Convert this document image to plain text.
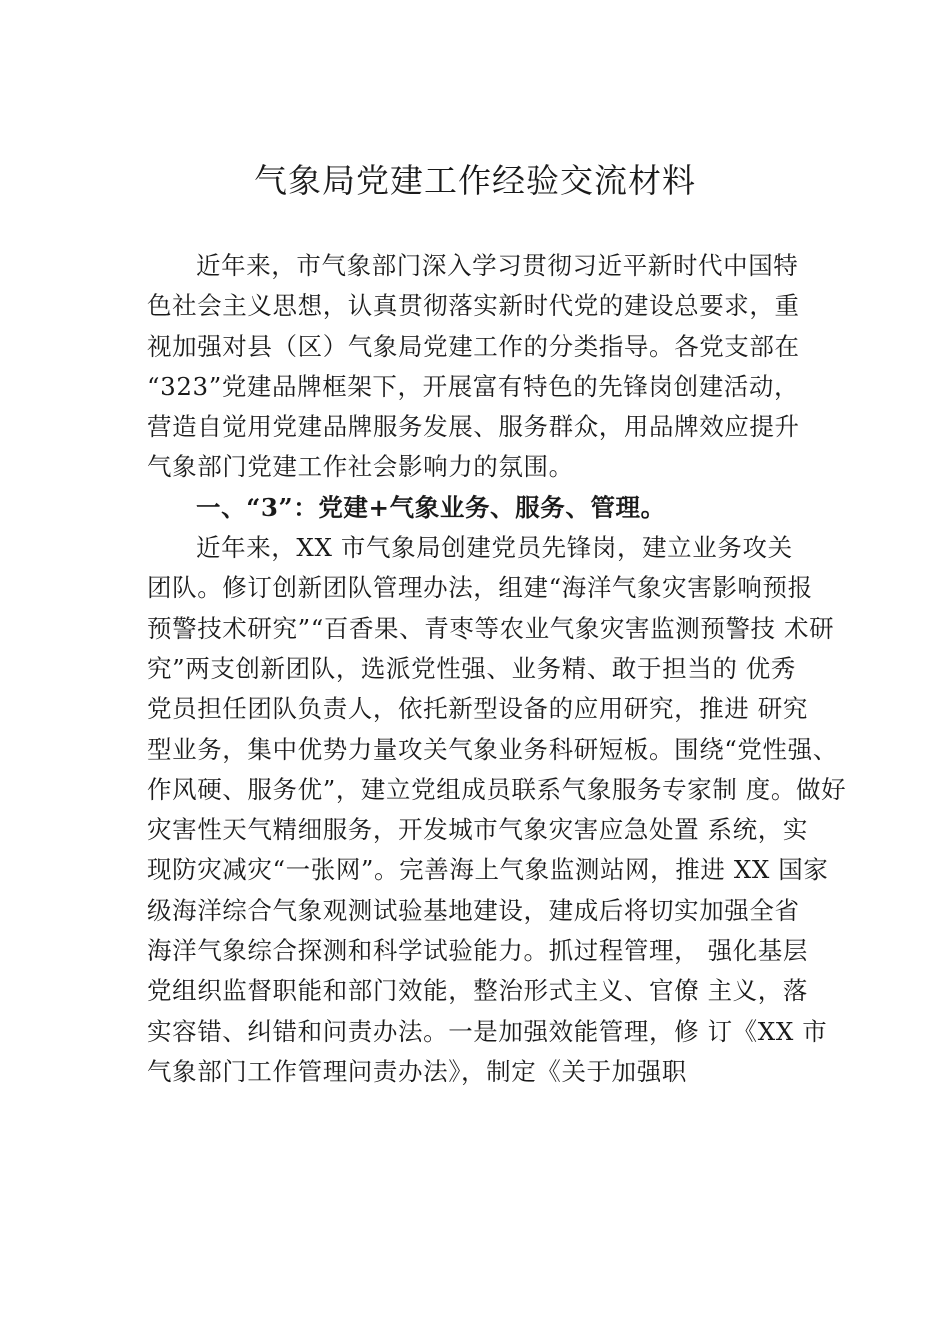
气象局党建工作经验交流材料
近年来，市气象部门深入学习贯彻习近平新时代中国特
色社会主义思想，认真贯彻落实新时代党的建设总要求，重
视加强对县（区）气象局党建工作的分类指导。各党支部在
“323”党建品牌框架下，开展富有特色的先锋岗创建活动，
营造自觉用党建品牌服务发展、服务群众，用品牌效应提升
气象部门党建工作社会影响力的氛围。
一、“3”：党建+气象业务、服务、管理。
近年来，XX 市气象局创建党员先锋岗，建立业务攻关
团队。修订创新团队管理办法，组建“海洋气象灾害影响预报
预警技术研究”“百香果、青枣等农业气象灾害监测预警技 术研
究”两支创新团队，选派党性强、业务精、敢于担当的 优秀
党员担任团队负责人，依托新型设备的应用研究，推进 研究
型业务，集中优势力量攻关气象业务科研短板。围绕“党性强、
作风硬、服务优”，建立党组成员联系气象服务专家制 度。做好
灾害性天气精细服务，开发城市气象灾害应急处置 系统，实
现防灾减灾“一张网”。完善海上气象监测站网，推进 XX 国家
级海洋综合气象观测试验基地建设，建成后将切实加强全省
海洋气象综合探测和科学试验能力。抓过程管理， 强化基层
党组织监督职能和部门效能，整治形式主义、官僚 主义，落
实容错、纠错和问责办法。一是加强效能管理，修 订《XX 市
气象部门工作管理问责办法》，制定《关于加强职
